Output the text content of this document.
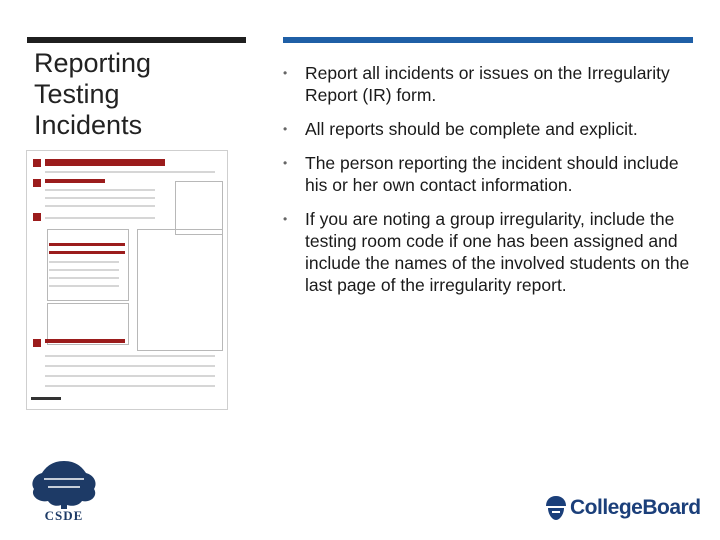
Reporting Testing Incidents
• Report all incidents or issues on the Irregularity Report (IR) form.
• All reports should be complete and explicit.
• The person reporting the incident should include his or her own contact information.
• If you are noting a group irregularity, include the testing room code if one has been assigned and include the names of the involved students on the last page of the irregularity report.
CSDE	CollegeBoard
